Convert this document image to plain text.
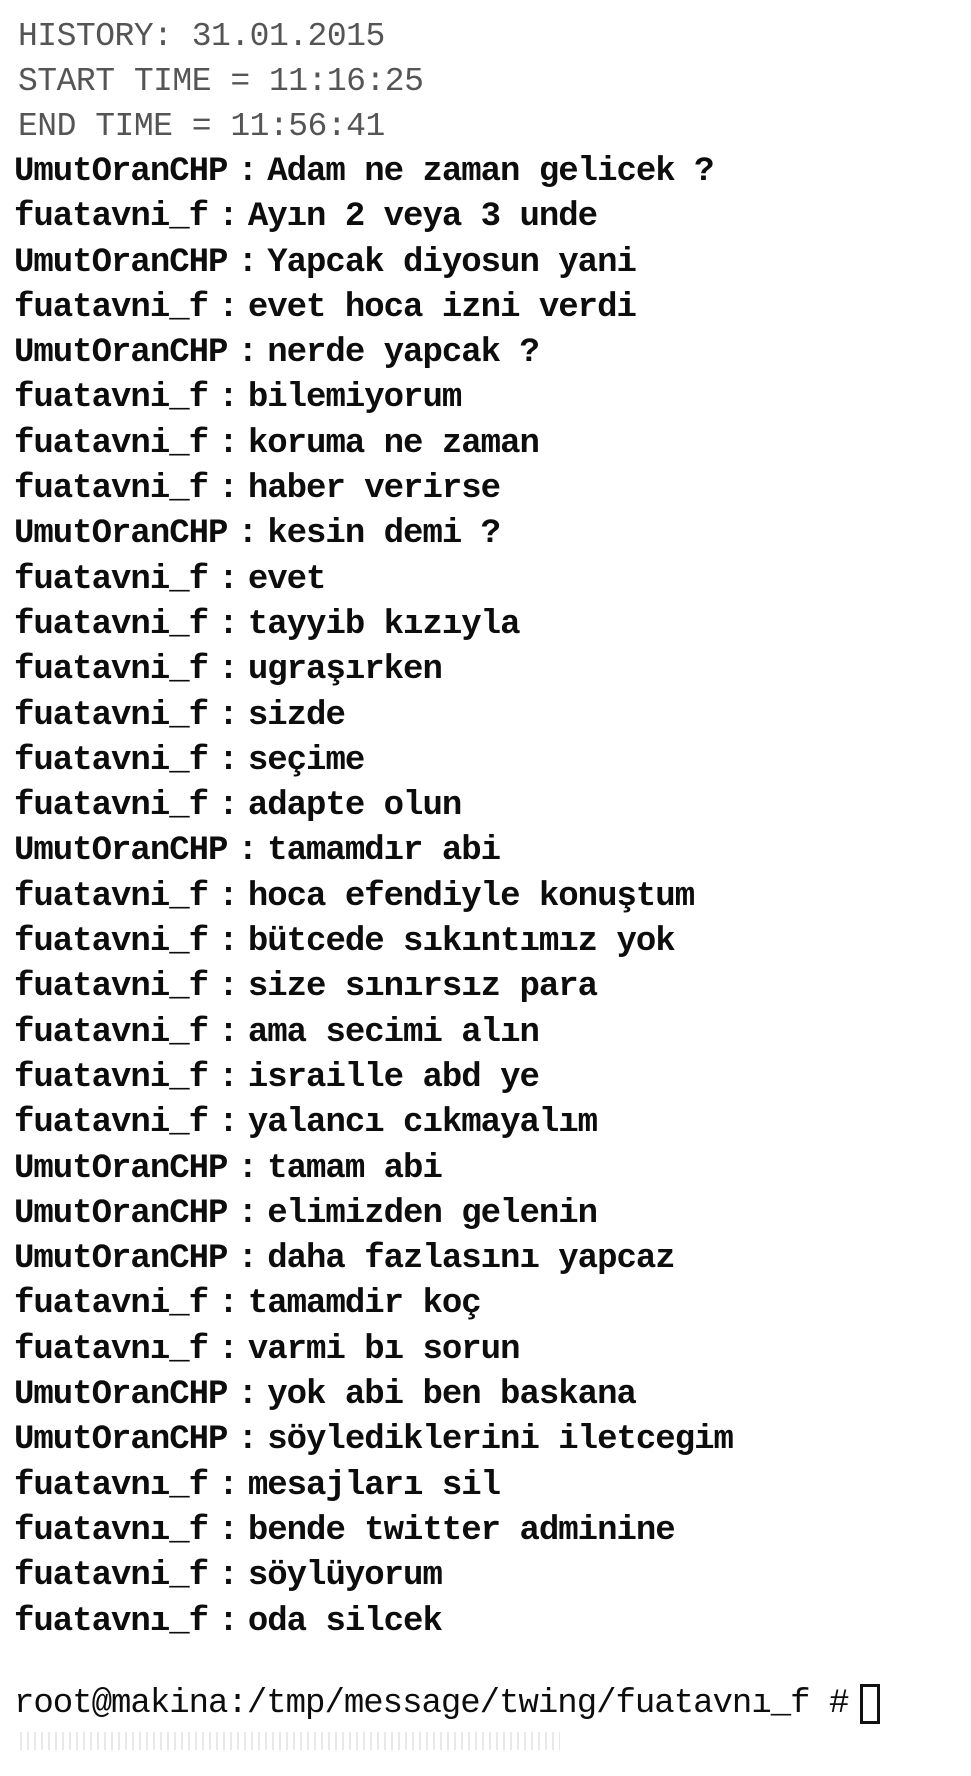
HISTORY: 31.01.2015
START TIME = 11:16:25
END TIME = 11:56:41
UmutOranCHP : Adam ne zaman gelicek ?
fuatavni_f : Ayın 2 veya 3 unde
UmutOranCHP : Yapcak diyosun yani
fuatavni_f : evet hoca izni verdi
UmutOranCHP : nerde yapcak ?
fuatavni_f : bilemiyorum
fuatavni_f : koruma ne zaman
fuatavni_f : haber verirse
UmutOranCHP : kesin demi ?
fuatavni_f : evet
fuatavni_f : tayyib kızıyla
fuatavni_f : ugraşırken
fuatavni_f : sizde
fuatavni_f : seçime
fuatavni_f : adapte olun
UmutOranCHP : tamamdır abi
fuatavni_f : hoca efendiyle konuştum
fuatavni_f : bütcede sıkıntımız yok
fuatavni_f : size sınırsız para
fuatavni_f : ama secimi alın
fuatavni_f : israille abd ye
fuatavni_f : yalancı cıkmayalım
UmutOranCHP : tamam abi
UmutOranCHP : elimizden gelenin
UmutOranCHP : daha fazlasını yapcaz
fuatavni_f : tamamdir koç
fuatavnı_f : varmi bı sorun
UmutOranCHP : yok abi ben baskana
UmutOranCHP : söylediklerini iletcegim
fuatavnı_f : mesajları sil
fuatavnı_f : bende twitter adminine
fuatavni_f : söylüyorum
fuatavnı_f : oda silcek
root@makina:/tmp/message/twing/fuatavnı_f #
